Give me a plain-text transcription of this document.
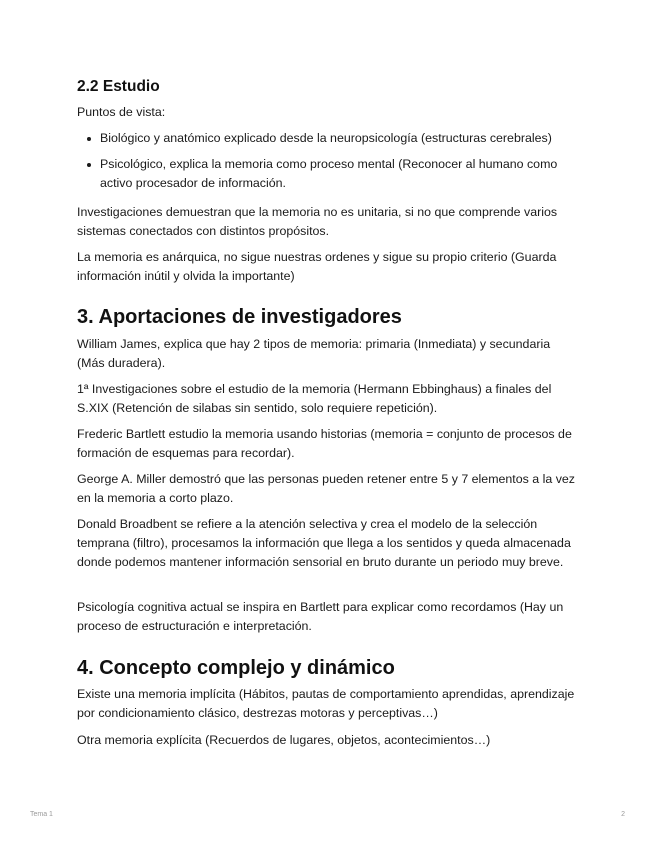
2.2 Estudio

Puntos de vista:

Biológico y anatómico explicado desde la neuropsicología (estructuras cerebrales)
Psicológico, explica la memoria como proceso mental (Reconocer al humano como activo procesador de información.

Investigaciones demuestran que la memoria no es unitaria, si no que comprende varios sistemas conectados con distintos propósitos.

La memoria es anárquica, no sigue nuestras ordenes y sigue su propio criterio (Guarda información inútil y olvida la importante)

3. Aportaciones de investigadores

William James, explica que hay 2 tipos de memoria: primaria (Inmediata) y secundaria (Más duradera).

1ª Investigaciones sobre el estudio de la memoria (Hermann Ebbinghaus) a finales del S.XIX (Retención de silabas sin sentido, solo requiere repetición).

Frederic Bartlett estudio la memoria usando historias (memoria = conjunto de procesos de formación de esquemas para recordar).

George A. Miller demostró que las personas pueden retener entre 5 y 7 elementos a la vez en la memoria a corto plazo.

Donald Broadbent se refiere a la atención selectiva y crea el modelo de la selección temprana (filtro), procesamos la información que llega a los sentidos y queda almacenada donde podemos mantener información sensorial en bruto durante un periodo muy breve.

Psicología cognitiva actual se inspira en Bartlett para explicar como recordamos (Hay un proceso de estructuración e interpretación.

4. Concepto complejo y dinámico

Existe una memoria implícita (Hábitos, pautas de comportamiento aprendidas, aprendizaje por condicionamiento clásico, destrezas motoras y perceptivas…)

Otra memoria explícita (Recuerdos de lugares, objetos, acontecimientos…)

Tema 1	2
